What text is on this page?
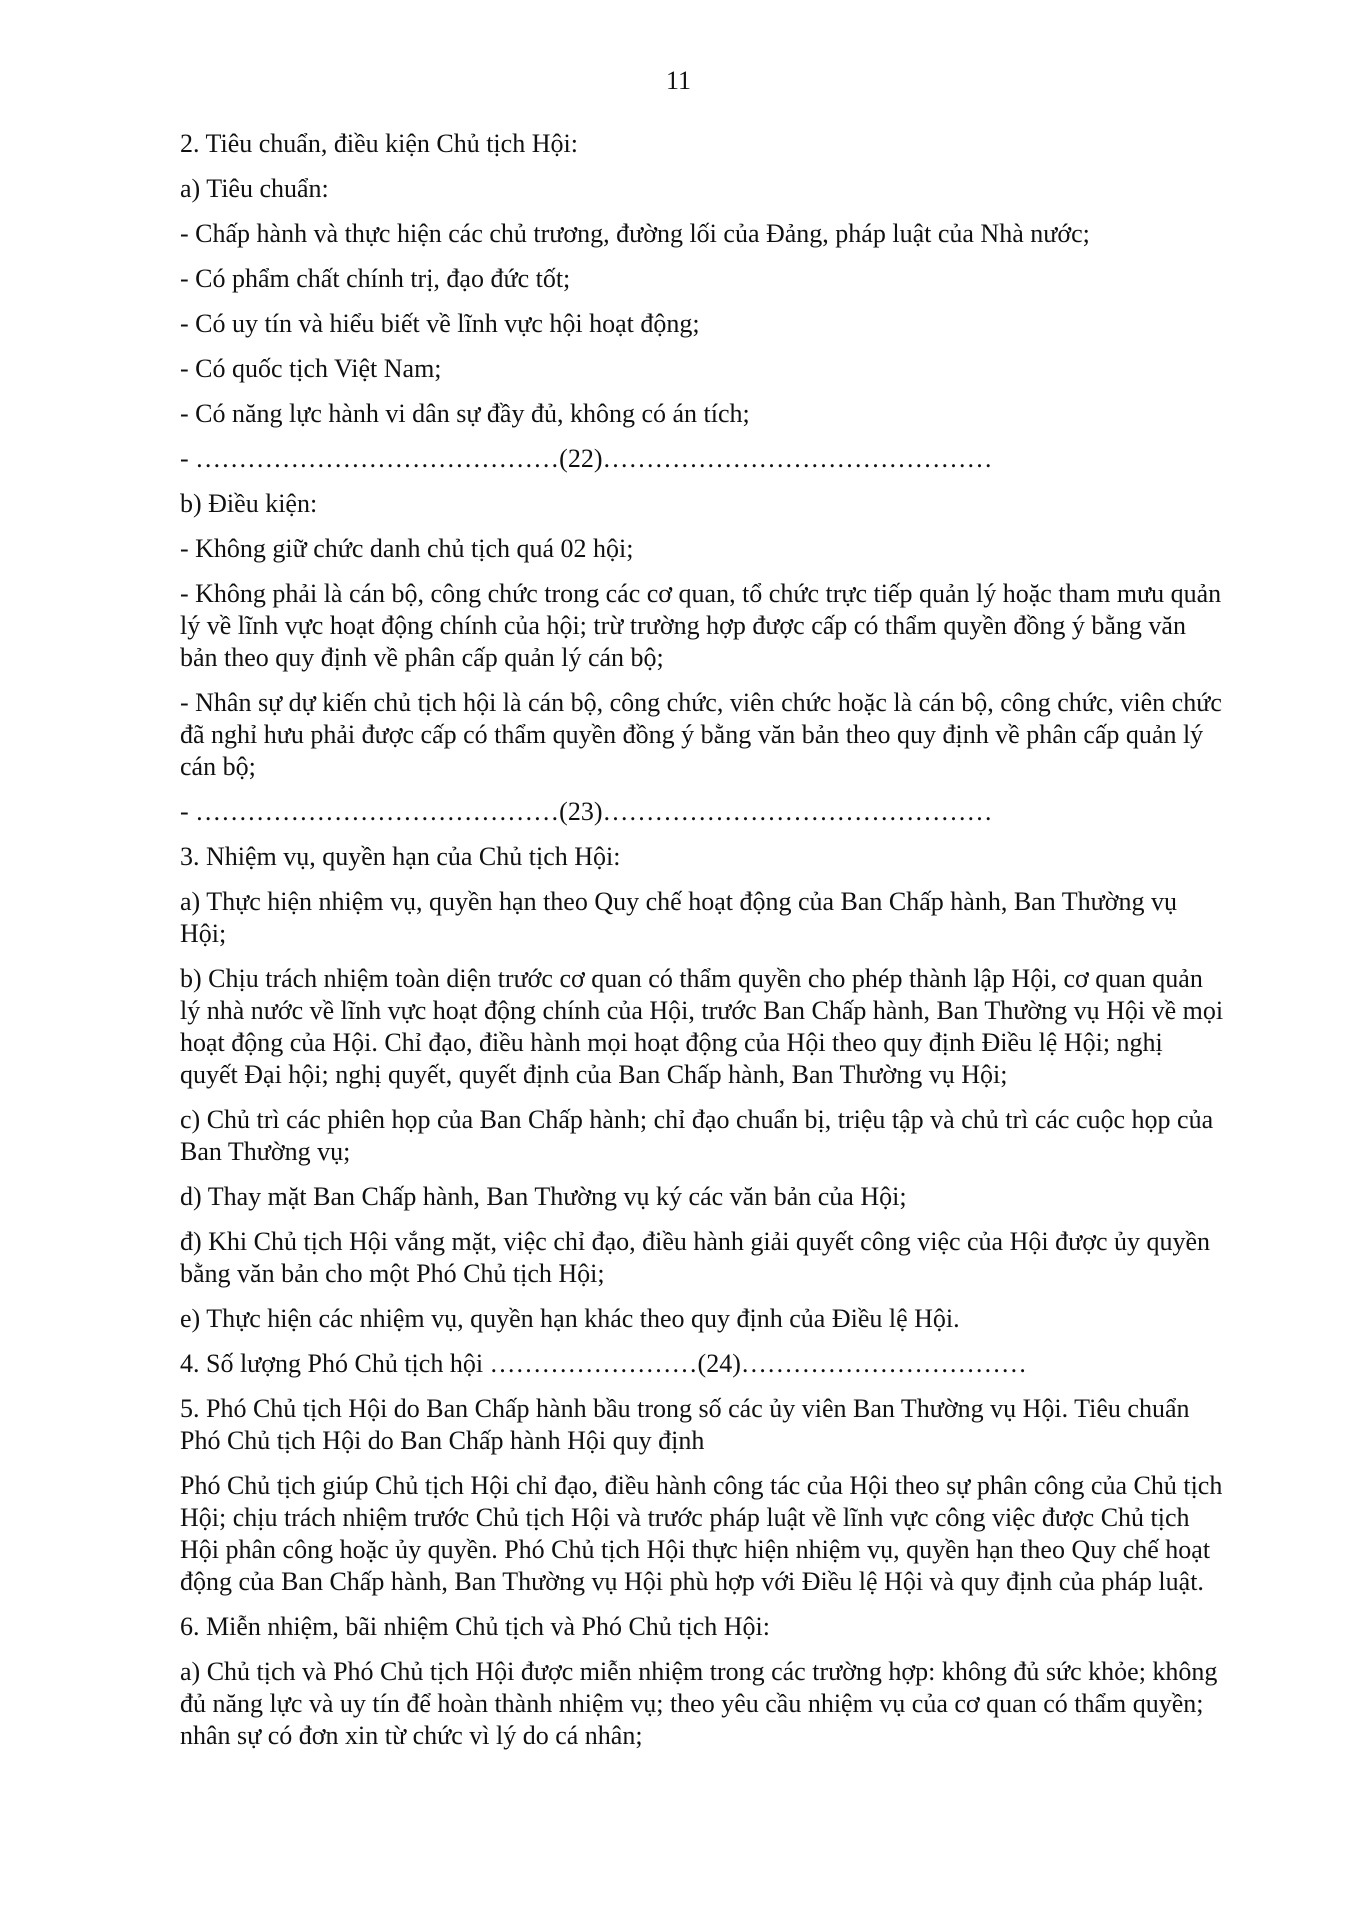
11

2. Tiêu chuẩn, điều kiện Chủ tịch Hội:

a) Tiêu chuẩn:

- Chấp hành và thực hiện các chủ trương, đường lối của Đảng, pháp luật của Nhà nước;

- Có phẩm chất chính trị, đạo đức tốt;

- Có uy tín và hiểu biết về lĩnh vực hội hoạt động;

- Có quốc tịch Việt Nam;

- Có năng lực hành vi dân sự đầy đủ, không có án tích;

- ……………………………………(22)………………………………………

b) Điều kiện:

- Không giữ chức danh chủ tịch quá 02 hội;

- Không phải là cán bộ, công chức trong các cơ quan, tổ chức trực tiếp quản lý hoặc tham mưu quản lý về lĩnh vực hoạt động chính của hội; trừ trường hợp được cấp có thẩm quyền đồng ý bằng văn bản theo quy định về phân cấp quản lý cán bộ;

- Nhân sự dự kiến chủ tịch hội là cán bộ, công chức, viên chức hoặc là cán bộ, công chức, viên chức đã nghỉ hưu phải được cấp có thẩm quyền đồng ý bằng văn bản theo quy định về phân cấp quản lý cán bộ;

- ……………………………………(23)………………………………………

3. Nhiệm vụ, quyền hạn của Chủ tịch Hội:

a) Thực hiện nhiệm vụ, quyền hạn theo Quy chế hoạt động của Ban Chấp hành, Ban Thường vụ Hội;

b) Chịu trách nhiệm toàn diện trước cơ quan có thẩm quyền cho phép thành lập Hội, cơ quan quản lý nhà nước về lĩnh vực hoạt động chính của Hội, trước Ban Chấp hành, Ban Thường vụ Hội về mọi hoạt động của Hội. Chỉ đạo, điều hành mọi hoạt động của Hội theo quy định Điều lệ Hội; nghị quyết Đại hội; nghị quyết, quyết định của Ban Chấp hành, Ban Thường vụ Hội;

c) Chủ trì các phiên họp của Ban Chấp hành; chỉ đạo chuẩn bị, triệu tập và chủ trì các cuộc họp của Ban Thường vụ;

d) Thay mặt Ban Chấp hành, Ban Thường vụ ký các văn bản của Hội;

đ) Khi Chủ tịch Hội vắng mặt, việc chỉ đạo, điều hành giải quyết công việc của Hội được ủy quyền bằng văn bản cho một Phó Chủ tịch Hội;

e) Thực hiện các nhiệm vụ, quyền hạn khác theo quy định của Điều lệ Hội.

4. Số lượng Phó Chủ tịch hội ……………………(24)……………………………

5. Phó Chủ tịch Hội do Ban Chấp hành bầu trong số các ủy viên Ban Thường vụ Hội. Tiêu chuẩn Phó Chủ tịch Hội do Ban Chấp hành Hội quy định

Phó Chủ tịch giúp Chủ tịch Hội chỉ đạo, điều hành công tác của Hội theo sự phân công của Chủ tịch Hội; chịu trách nhiệm trước Chủ tịch Hội và trước pháp luật về lĩnh vực công việc được Chủ tịch Hội phân công hoặc ủy quyền. Phó Chủ tịch Hội thực hiện nhiệm vụ, quyền hạn theo Quy chế hoạt động của Ban Chấp hành, Ban Thường vụ Hội phù hợp với Điều lệ Hội và quy định của pháp luật.

6. Miễn nhiệm, bãi nhiệm Chủ tịch và Phó Chủ tịch Hội:

a) Chủ tịch và Phó Chủ tịch Hội được miễn nhiệm trong các trường hợp: không đủ sức khỏe; không đủ năng lực và uy tín để hoàn thành nhiệm vụ; theo yêu cầu nhiệm vụ của cơ quan có thẩm quyền; nhân sự có đơn xin từ chức vì lý do cá nhân;
